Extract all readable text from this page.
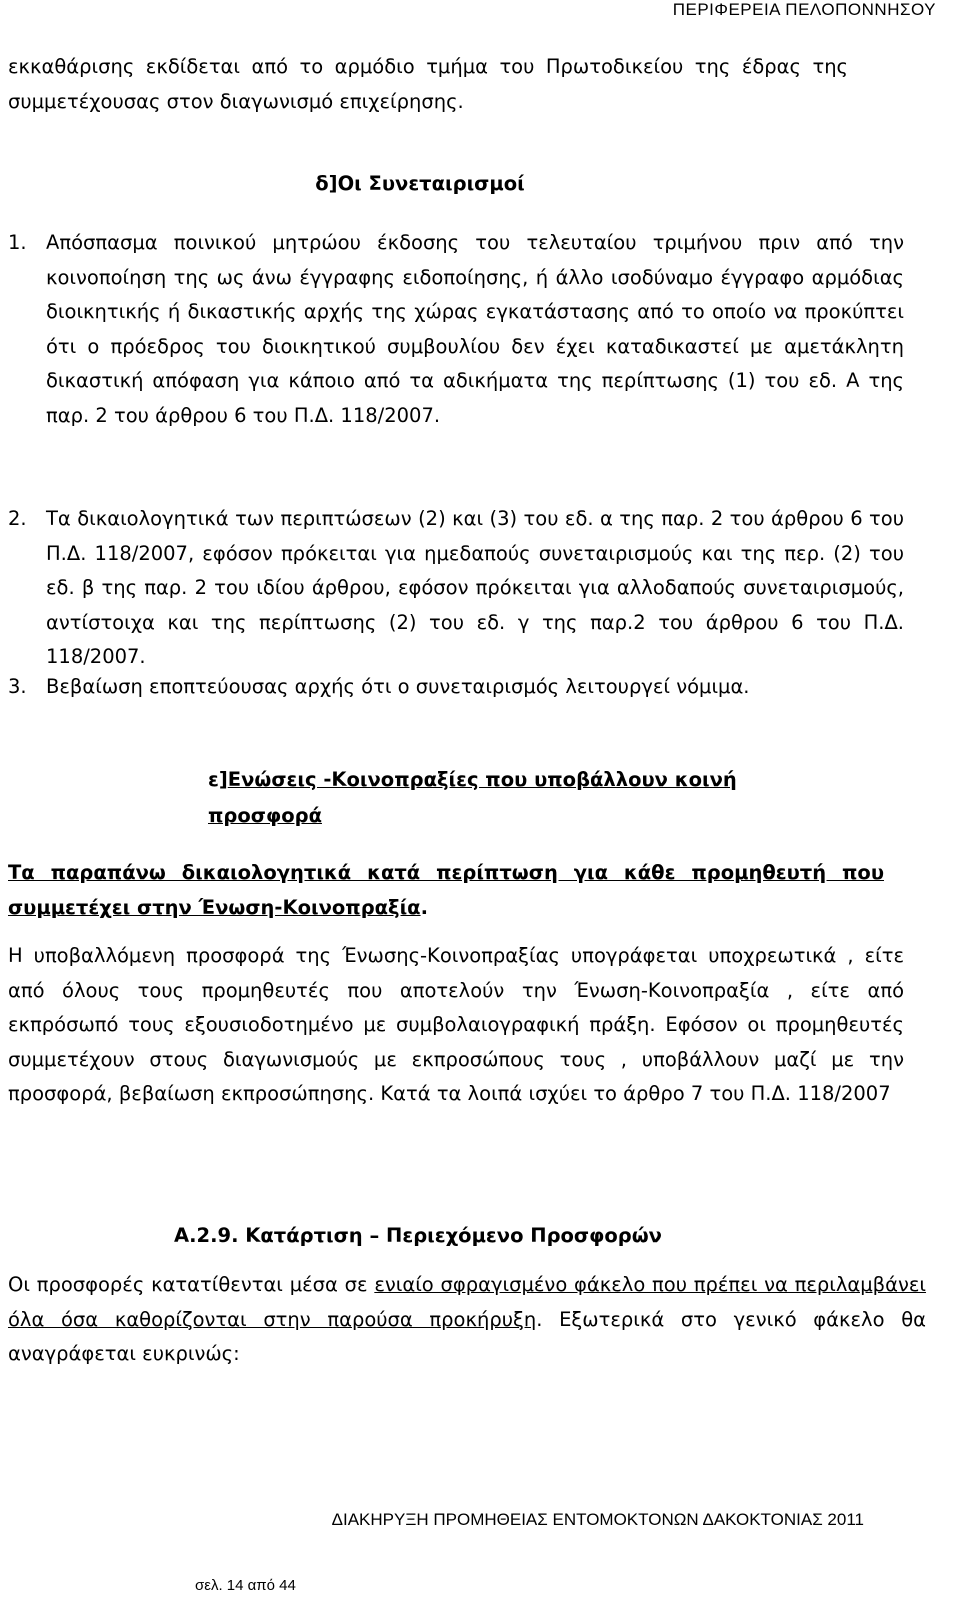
ΠΕΡΙΦΕΡΕΙΑ ΠΕΛΟΠΟΝΝΗΣΟΥ
εκκαθάρισης εκδίδεται από το αρμόδιο τμήμα του Πρωτοδικείου της έδρας της συμμετέχουσας στον διαγωνισμό επιχείρησης.
δ]Οι Συνεταιρισμοί
1. Απόσπασμα ποινικού μητρώου έκδοσης του τελευταίου τριμήνου πριν από την κοινοποίηση της ως άνω έγγραφης ειδοποίησης, ή άλλο ισοδύναμο έγγραφο αρμόδιας διοικητικής ή δικαστικής αρχής της χώρας εγκατάστασης από το οποίο να προκύπτει ότι ο πρόεδρος του διοικητικού συμβουλίου δεν έχει καταδικαστεί με αμετάκλητη δικαστική απόφαση για κάποιο από τα αδικήματα της περίπτωσης (1) του εδ. Α της παρ. 2 του άρθρου 6 του Π.Δ. 118/2007.
2. Τα δικαιολογητικά των περιπτώσεων (2) και (3) του εδ. α της παρ. 2 του άρθρου 6 του Π.Δ. 118/2007, εφόσον πρόκειται για ημεδαπούς συνεταιρισμούς και της περ. (2) του εδ. β της παρ. 2 του ιδίου άρθρου, εφόσον πρόκειται για αλλοδαπούς συνεταιρισμούς, αντίστοιχα και της περίπτωσης (2) του εδ. γ της παρ.2 του άρθρου 6 του Π.Δ. 118/2007.
3. Βεβαίωση εποπτεύουσας αρχής ότι ο συνεταιρισμός λειτουργεί νόμιμα.
ε]Ενώσεις -Κοινοπραξίες που υποβάλλουν κοινή προσφορά
Τα παραπάνω δικαιολογητικά κατά περίπτωση για κάθε προμηθευτή που συμμετέχει στην Ένωση-Κοινοπραξία.
Η υποβαλλόμενη προσφορά της Ένωσης-Κοινοπραξίας υπογράφεται υποχρεωτικά , είτε από όλους τους προμηθευτές που αποτελούν την Ένωση-Κοινοπραξία , είτε από εκπρόσωπό τους εξουσιοδοτημένο με συμβολαιογραφική πράξη. Εφόσον οι προμηθευτές συμμετέχουν στους διαγωνισμούς με εκπροσώπους τους , υποβάλλουν μαζί με την προσφορά, βεβαίωση εκπροσώπησης. Κατά τα λοιπά ισχύει το άρθρο 7 του Π.Δ. 118/2007
Α.2.9. Κατάρτιση – Περιεχόμενο Προσφορών
Οι προσφορές κατατίθενται μέσα σε ενιαίο σφραγισμένο φάκελο που πρέπει να περιλαμβάνει όλα όσα καθορίζονται στην παρούσα προκήρυξη. Εξωτερικά στο γενικό φάκελο θα αναγράφεται ευκρινώς:
ΔΙΑΚΗΡΥΞΗ ΠΡΟΜΗΘΕΙΑΣ ΕΝΤΟΜΟΚΤΟΝΩΝ ΔΑΚΟΚΤΟΝΙΑΣ 2011
σελ. 14 από 44
